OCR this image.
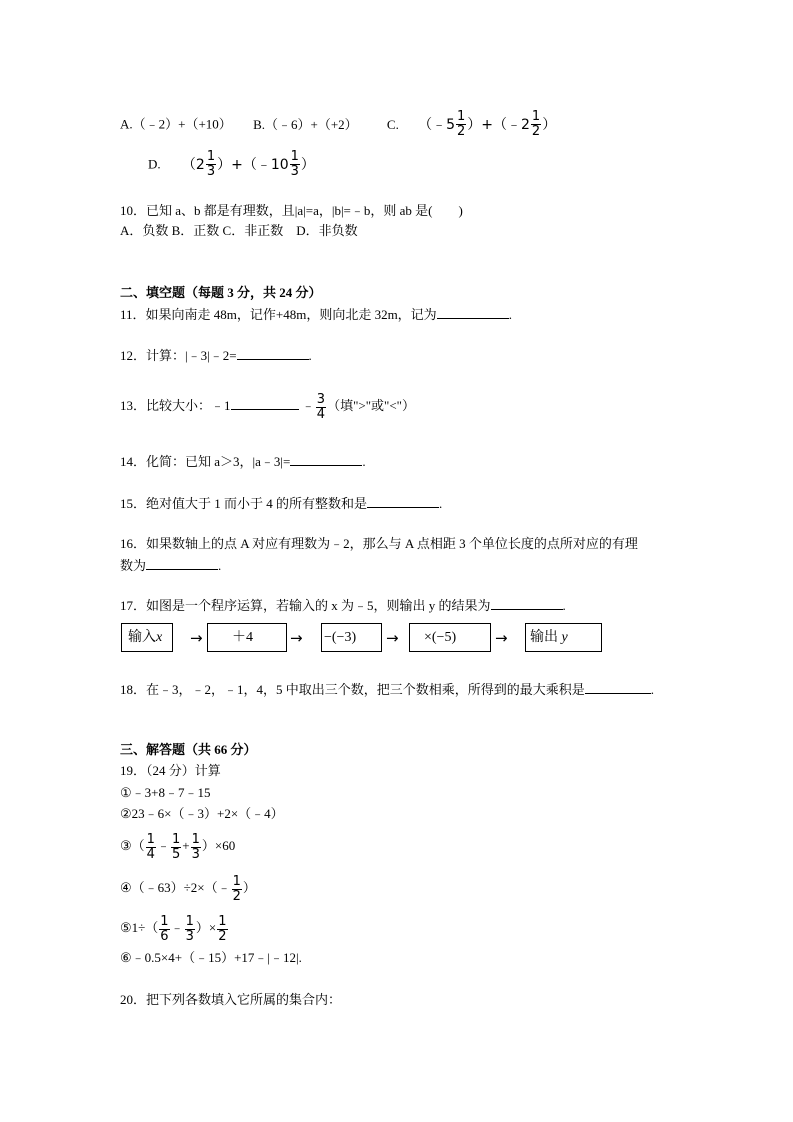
A.（﹣2）+（+10） B.（﹣6）+（+2） C. （﹣5 $\frac{1}{2}$ ）+（﹣2 $\frac{1}{2}$ ）
D. （$2 \frac{1}{3}$ ）+（﹣10 $\frac{1}{3}$ ）
10．已知 a、b 都是有理数，且|a|=a，|b|=﹣b，则 ab 是(　　)
A．负数 B．正数 C．非正数　D．非负数
二、填空题（每题 3 分，共 24 分）
11．如果向南走 48m，记作+48m，则向北走 32m，记为	.
12．计算：|﹣3|﹣2=	.
13．比较大小：﹣1	﹣ $\frac{3}{4}$ （填">"或"<"）
14．化简：已知 a＞3，|a﹣3|=	.
15．绝对值大于 1 而小于 4 的所有整数和是	.
16．如果数轴上的点 A 对应有理数为﹣2，那么与 A 点相距 3 个单位长度的点所对应的有理
数为	.
17．如图是一个程序运算，若输入的 x 为﹣5，则输出 y 的结果为	.
输入x	→	＋4	→ −(−3)	→	×(−5)	→	输出 y
18．在﹣3，﹣2，﹣1，4，5 中取出三个数，把三个数相乘，所得到的最大乘积是	.
三、解答题（共 66 分）
19．（24 分）计算
①﹣3+8﹣7﹣15
②23﹣6×（﹣3）+2×（﹣4）
③（ $\frac{1}{4}$ ﹣ $\frac{1}{5} + \frac{1}{3} )\times 60$
④（﹣63）÷2×（﹣ $\frac{1}{2}$ ）
⑤1÷（ $\frac{1}{6}$ ﹣ $\frac{1}{3}$ ）× $\frac{1}{2}$
⑥﹣0.5×4+（﹣15）+17﹣|﹣12|.
20．把下列各数填入它所属的集合内：
